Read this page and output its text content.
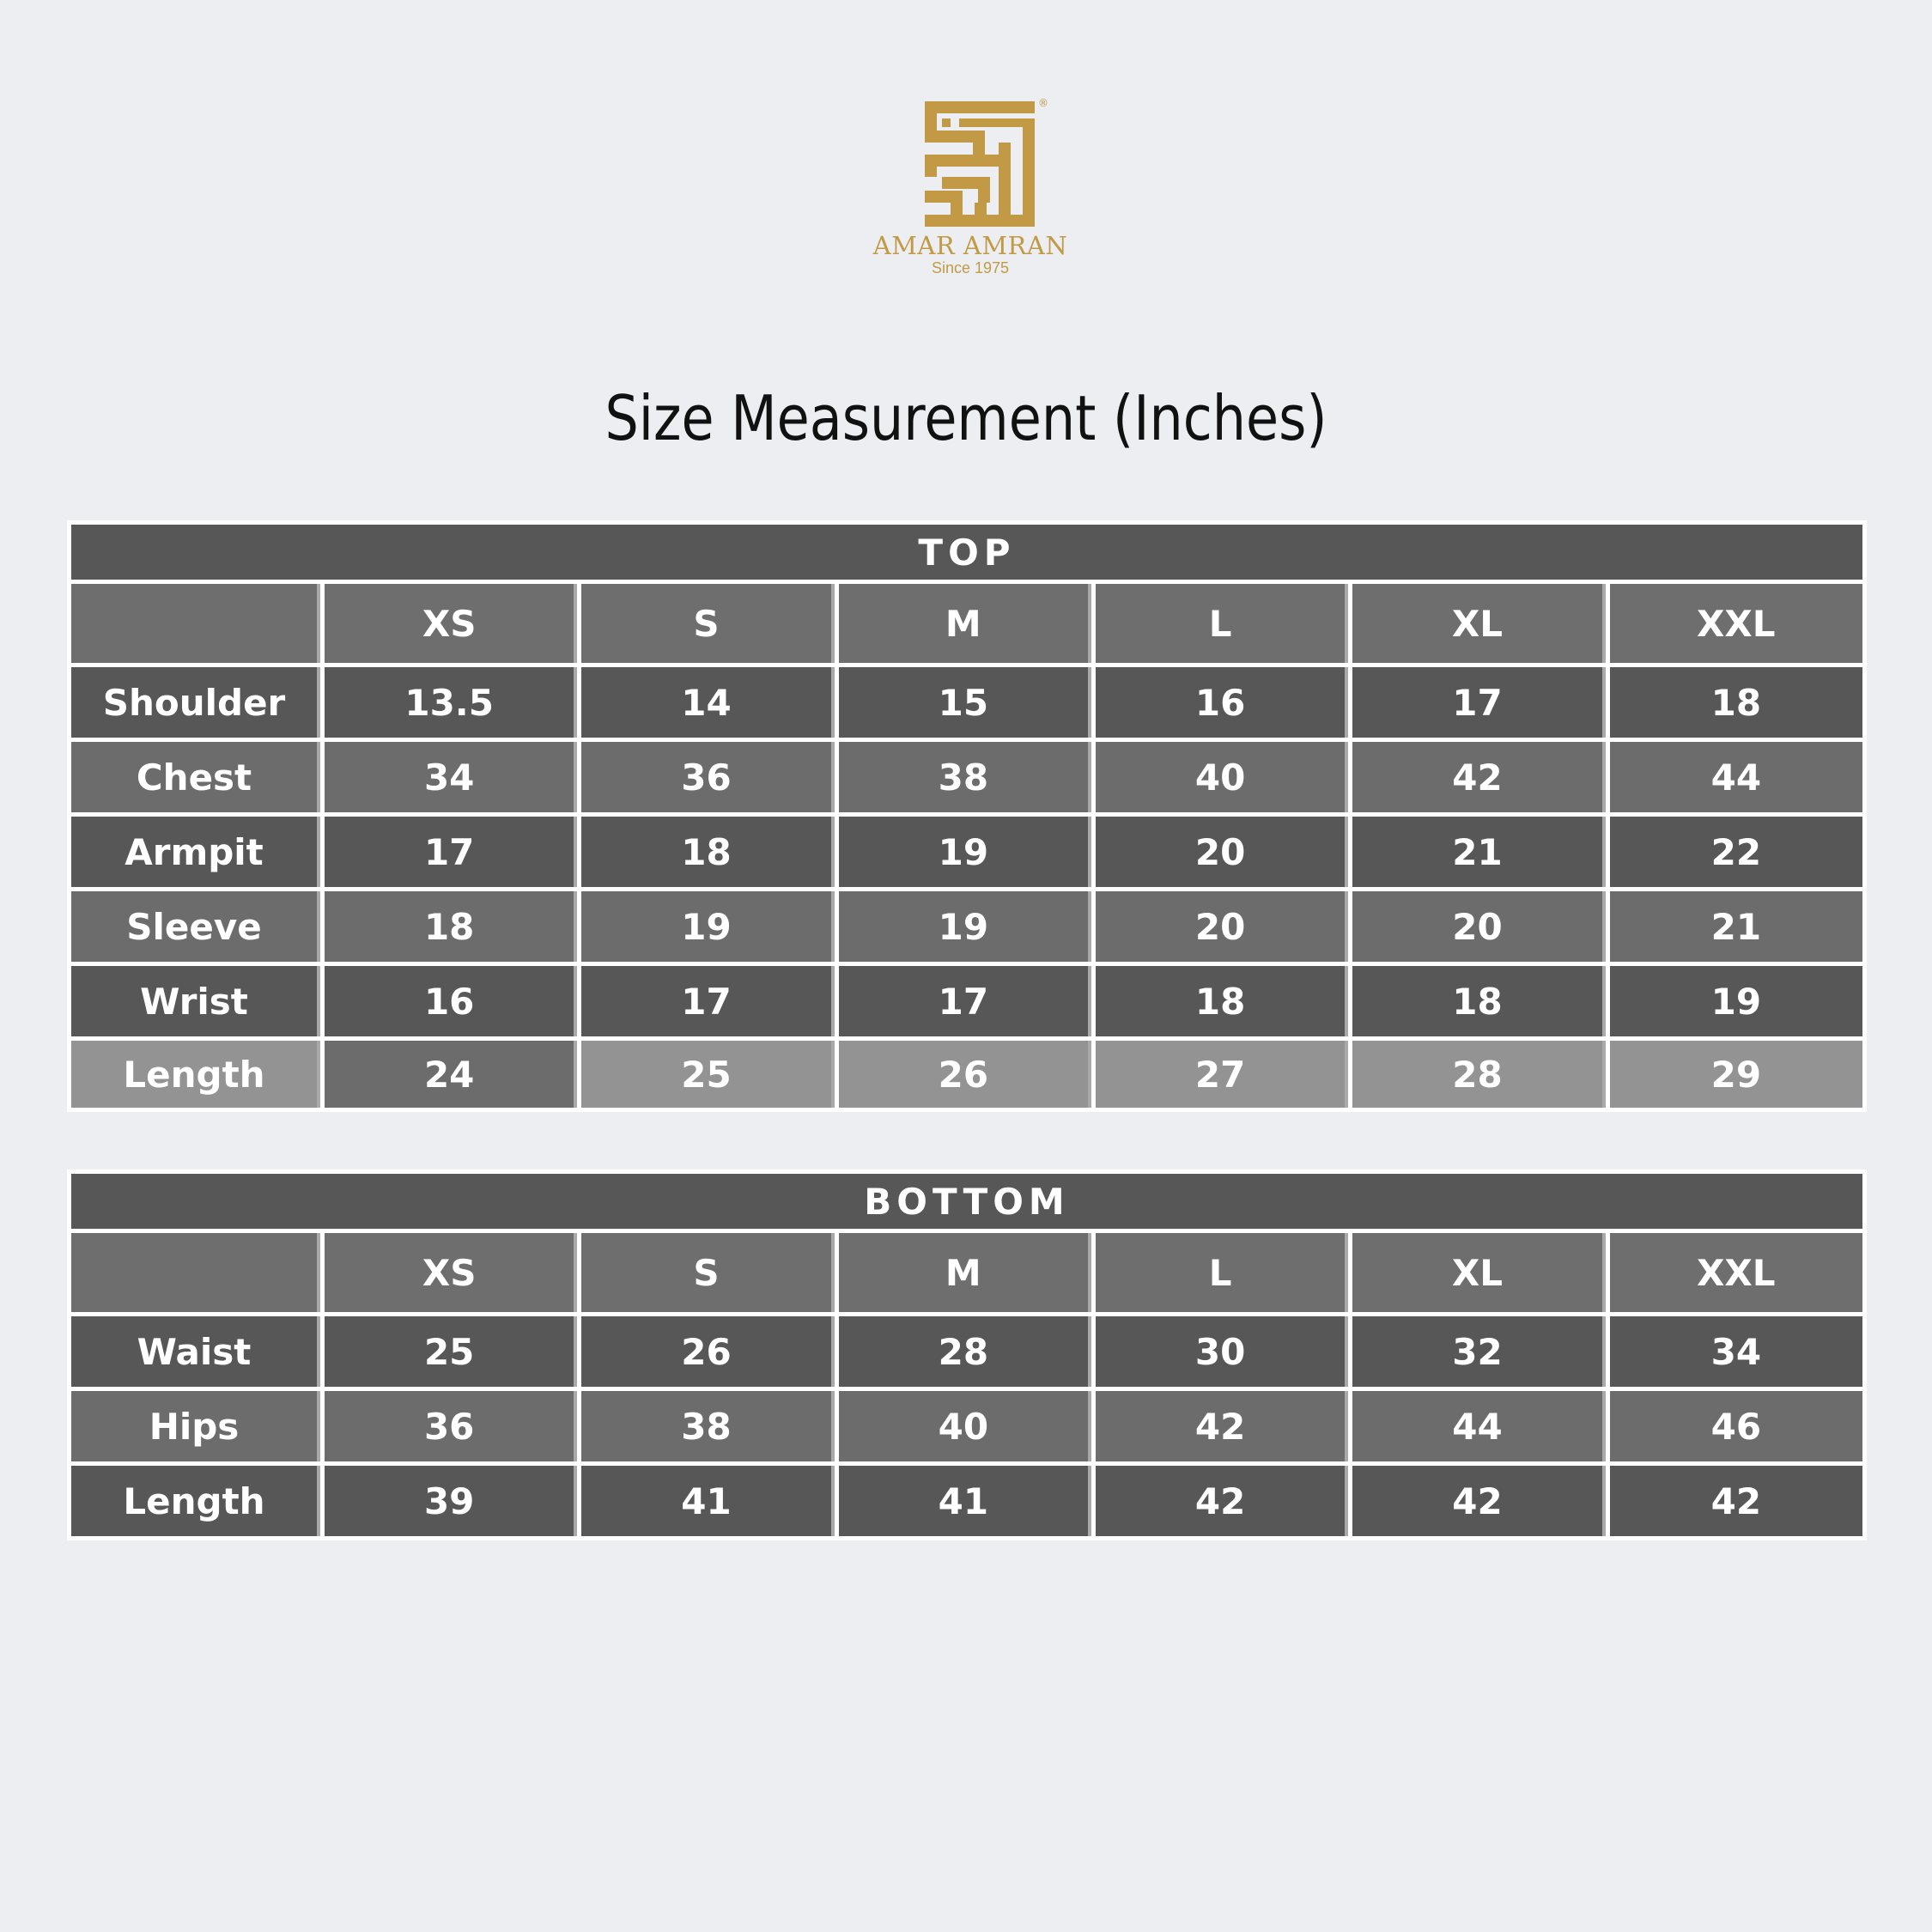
®
AMAR AMRAN
Since 1975
Size Measurement (Inches)
TOP						
	XS	S	M	L	XL	XXL
Shoulder	13.5	14	15	16	17	18
Chest	34	36	38	40	42	44
Armpit	17	18	19	20	21	22
Sleeve	18	19	19	20	20	21
Wrist	16	17	17	18	18	19
Length	24	25	26	27	28	29
BOTTOM						
	XS	S	M	L	XL	XXL
Waist	25	26	28	30	32	34
Hips	36	38	40	42	44	46
Length	39	41	41	42	42	42
